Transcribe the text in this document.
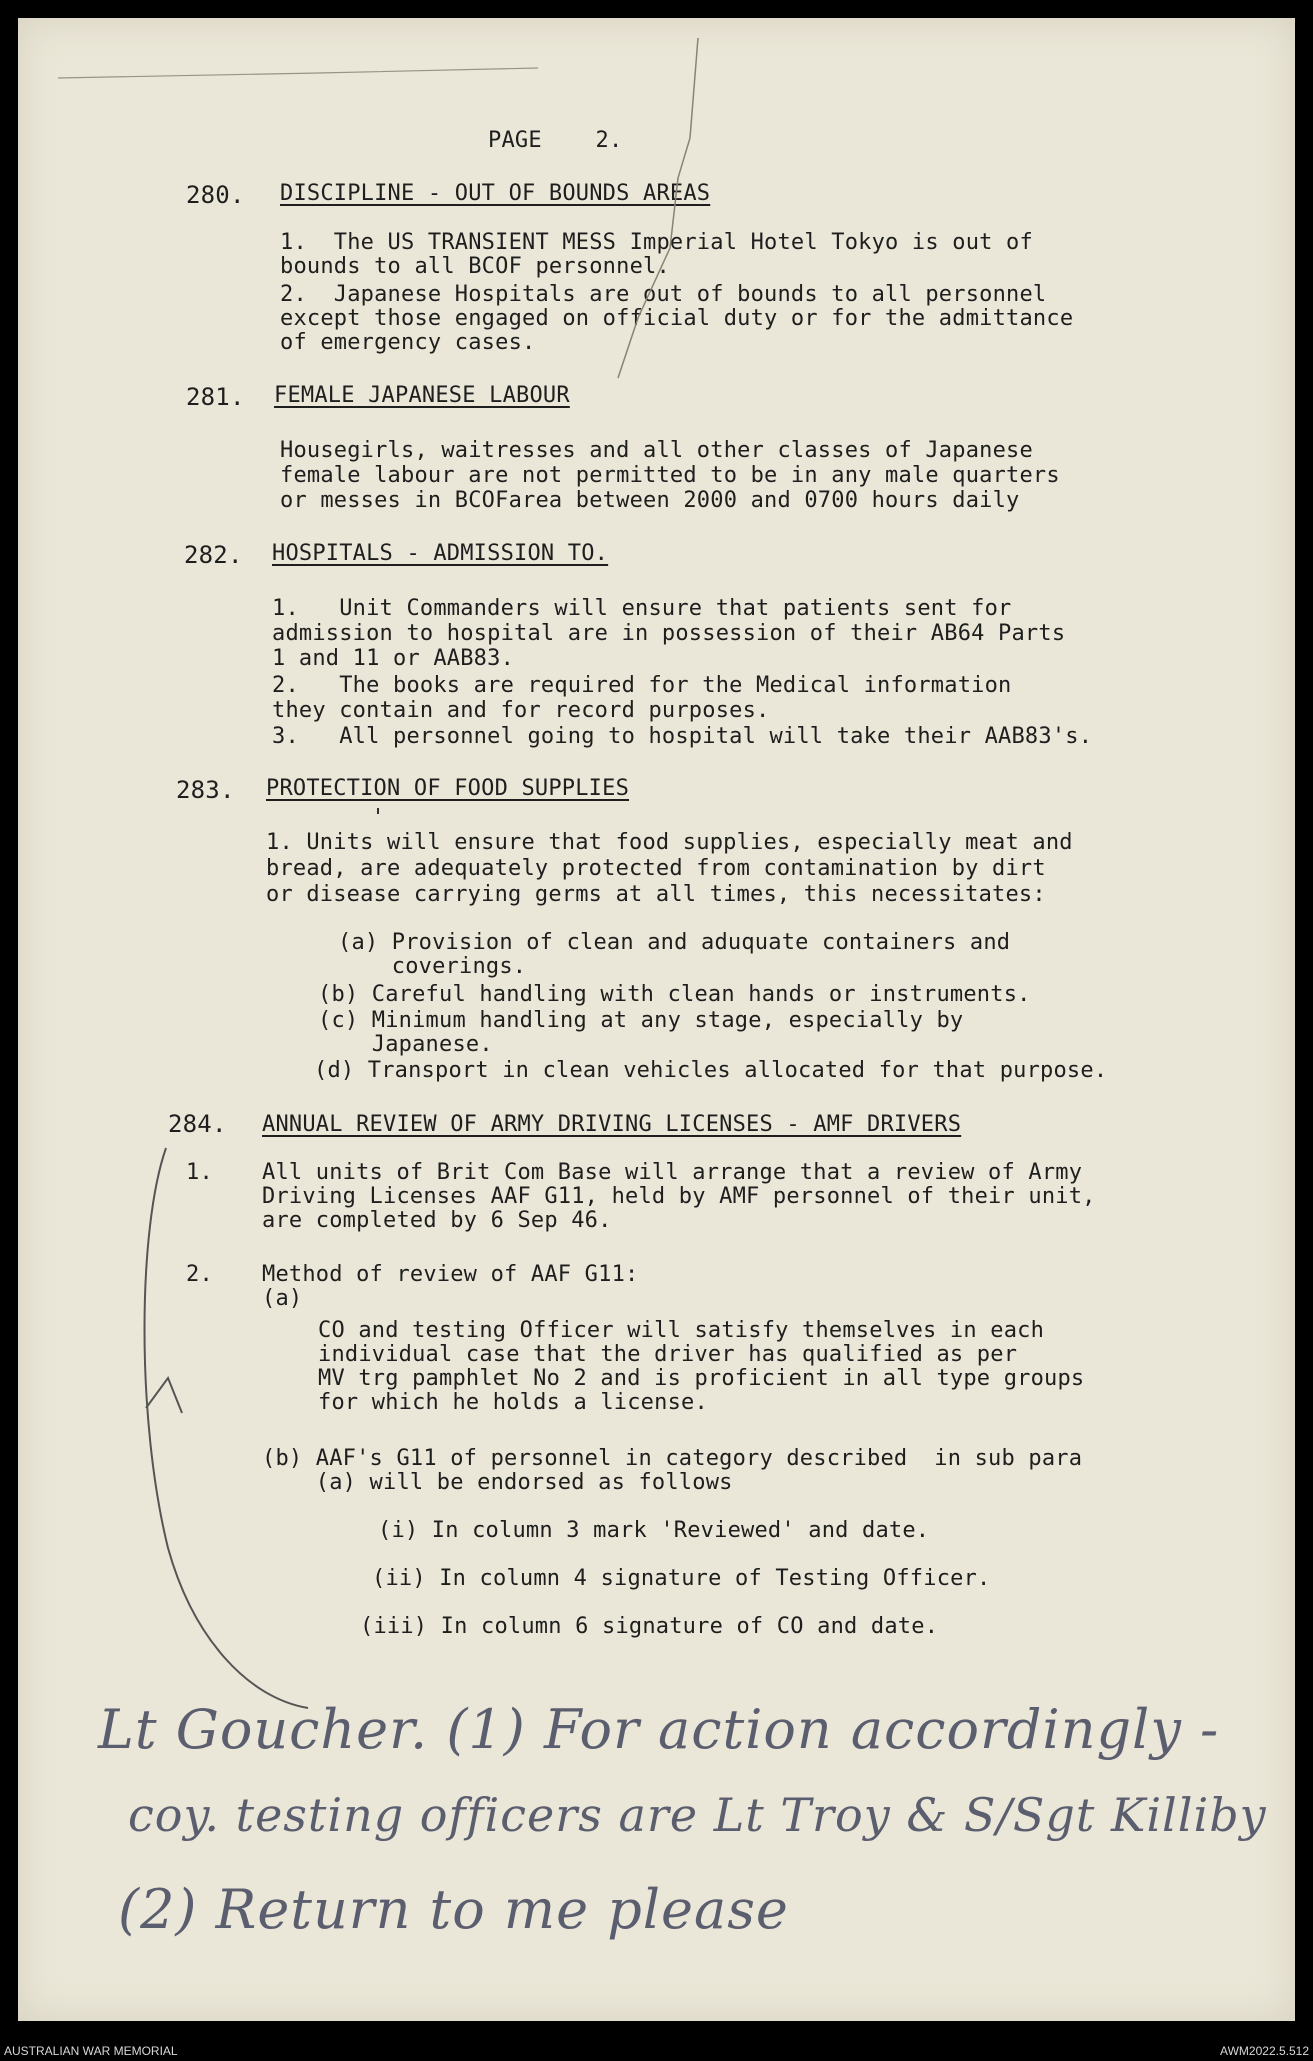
PAGE    2.
280. DISCIPLINE - OUT OF BOUNDS AREAS
1.  The US TRANSIENT MESS Imperial Hotel Tokyo is out of
bounds to all BCOF personnel.
2.  Japanese Hospitals are out of bounds to all personnel
except those engaged on official duty or for the admittance
of emergency cases.
281. FEMALE JAPANESE LABOUR
Housegirls, waitresses and all other classes of Japanese
female labour are not permitted to be in any male quarters
or messes in BCOFarea between 2000 and 0700 hours daily
282. HOSPITALS - ADMISSION TO.
1.   Unit Commanders will ensure that patients sent for
admission to hospital are in possession of their AB64 Parts
1 and 11 or AAB83.
2.   The books are required for the Medical information
they contain and for record purposes.
3.   All personnel going to hospital will take their AAB83's.
283. PROTECTION OF FOOD SUPPLIES
1. Units will ensure that food supplies, especially meat and
bread, are adequately protected from contamination by dirt
or disease carrying germs at all times, this necessitates:
(a) Provision of clean and aduquate containers and
coverings.
(b) Careful handling with clean hands or instruments.
(c) Minimum handling at any stage, especially by
Japanese.
(d) Transport in clean vehicles allocated for that purpose.
284. ANNUAL REVIEW OF ARMY DRIVING LICENSES - AMF DRIVERS
1. All units of Brit Com Base will arrange that a review of Army
Driving Licenses AAF G11, held by AMF personnel of their unit,
are completed by 6 Sep 46.
2. Method of review of AAF G11:
(a)
CO and testing Officer will satisfy themselves in each
individual case that the driver has qualified as per
MV trg pamphlet No 2 and is proficient in all type groups
for which he holds a license.
(b) AAF's G11 of personnel in category described  in sub para
(a) will be endorsed as follows
(i) In column 3 mark 'Reviewed' and date.
(ii) In column 4 signature of Testing Officer.
(iii) In column 6 signature of CO and date.
Lt Goucher. (1) For action accordingly -
coy. testing officers are Lt Troy & S/Sgt Killiby
(2) Return to me please
AUSTRALIAN WAR MEMORIAL	AWM2022.5.512
